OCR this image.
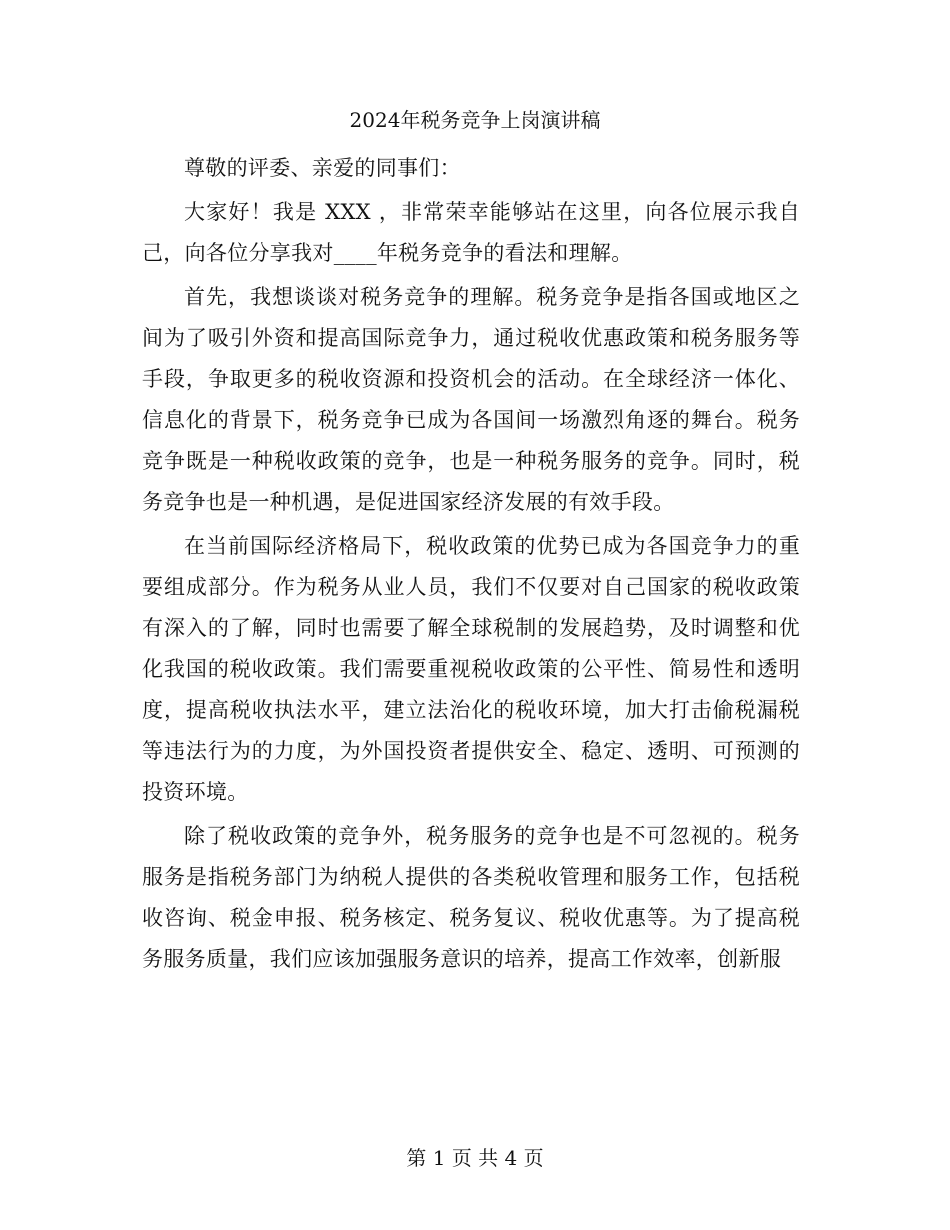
2024年税务竞争上岗演讲稿

尊敬的评委、亲爱的同事们：

大家好！我是 XXX ，非常荣幸能够站在这里，向各位展示我自己，向各位分享我对____年税务竞争的看法和理解。

首先，我想谈谈对税务竞争的理解。税务竞争是指各国或地区之间为了吸引外资和提高国际竞争力，通过税收优惠政策和税务服务等手段，争取更多的税收资源和投资机会的活动。在全球经济一体化、信息化的背景下，税务竞争已成为各国间一场激烈角逐的舞台。税务竞争既是一种税收政策的竞争，也是一种税务服务的竞争。同时，税务竞争也是一种机遇，是促进国家经济发展的有效手段。

在当前国际经济格局下，税收政策的优势已成为各国竞争力的重要组成部分。作为税务从业人员，我们不仅要对自己国家的税收政策有深入的了解，同时也需要了解全球税制的发展趋势，及时调整和优化我国的税收政策。我们需要重视税收政策的公平性、简易性和透明度，提高税收执法水平，建立法治化的税收环境，加大打击偷税漏税等违法行为的力度，为外国投资者提供安全、稳定、透明、可预测的投资环境。

除了税收政策的竞争外，税务服务的竞争也是不可忽视的。税务服务是指税务部门为纳税人提供的各类税收管理和服务工作，包括税收咨询、税金申报、税务核定、税务复议、税收优惠等。为了提高税务服务质量，我们应该加强服务意识的培养，提高工作效率，创新服

第 1 页 共 4 页
